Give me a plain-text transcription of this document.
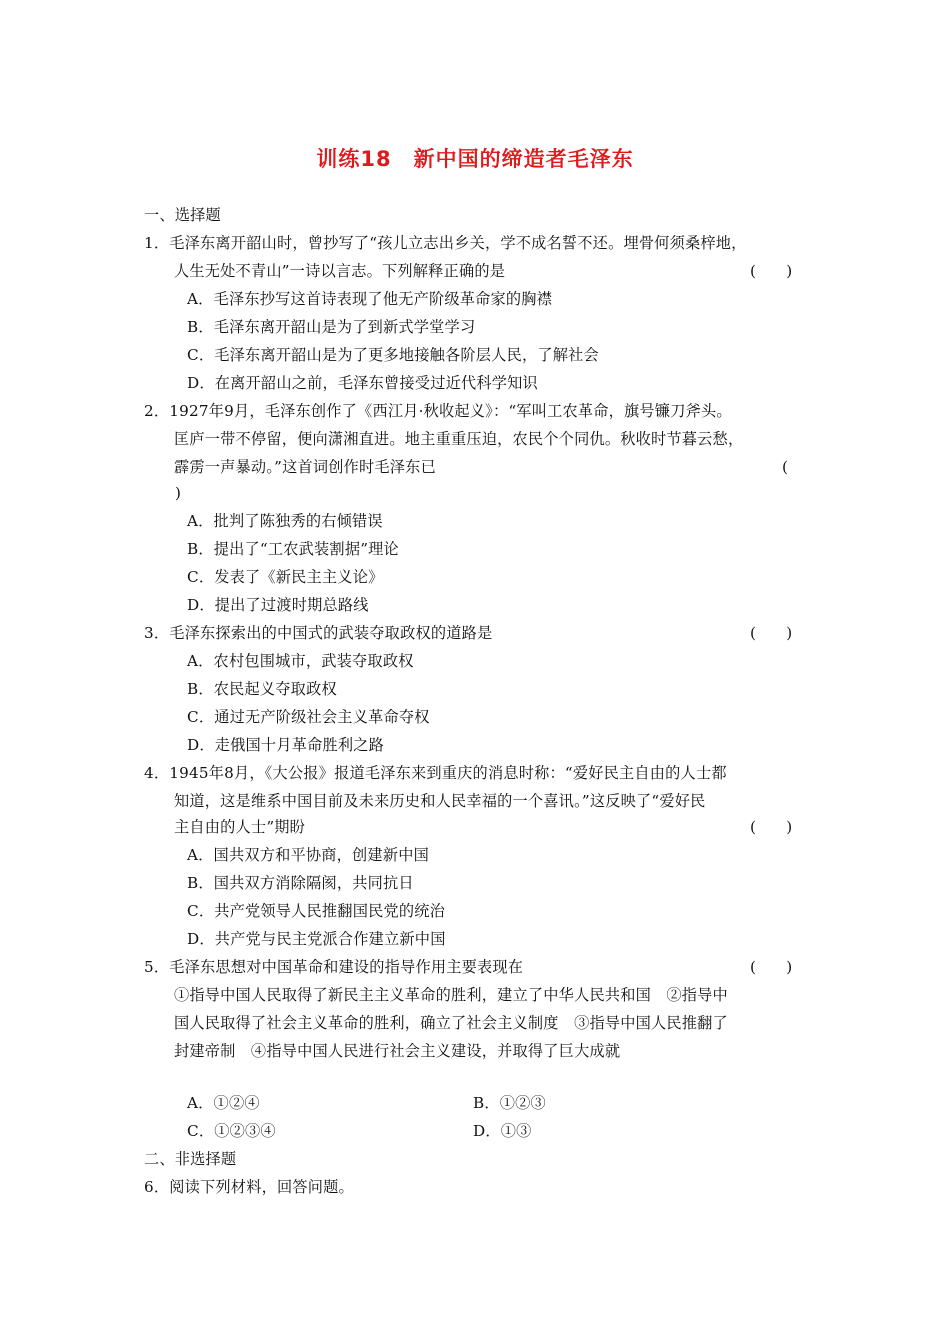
训练18　新中国的缔造者毛泽东
一、选择题
1．毛泽东离开韶山时，曾抄写了“孩儿立志出乡关，学不成名誓不还。埋骨何须桑梓地，
人生无处不青山”一诗以言志。下列解释正确的是	(　　)
A．毛泽东抄写这首诗表现了他无产阶级革命家的胸襟
B．毛泽东离开韶山是为了到新式学堂学习
C．毛泽东离开韶山是为了更多地接触各阶层人民，了解社会
D．在离开韶山之前，毛泽东曾接受过近代科学知识
2．1927年9月，毛泽东创作了《西江月·秋收起义》：“军叫工农革命，旗号镰刀斧头。
匡庐一带不停留，便向潇湘直进。地主重重压迫，农民个个同仇。秋收时节暮云愁，
霹雳一声暴动。”这首词创作时毛泽东已	(
)
A．批判了陈独秀的右倾错误
B．提出了“工农武装割据”理论
C．发表了《新民主主义论》
D．提出了过渡时期总路线
3．毛泽东探索出的中国式的武装夺取政权的道路是	(　　)
A．农村包围城市，武装夺取政权
B．农民起义夺取政权
C．通过无产阶级社会主义革命夺权
D．走俄国十月革命胜利之路
4．1945年8月，《大公报》报道毛泽东来到重庆的消息时称：“爱好民主自由的人士都
知道，这是维系中国目前及未来历史和人民幸福的一个喜讯。”这反映了“爱好民
主自由的人士”期盼	(　　)
A．国共双方和平协商，创建新中国
B．国共双方消除隔阂，共同抗日
C．共产党领导人民推翻国民党的统治
D．共产党与民主党派合作建立新中国
5．毛泽东思想对中国革命和建设的指导作用主要表现在	(　　)
①指导中国人民取得了新民主主义革命的胜利，建立了中华人民共和国　②指导中
国人民取得了社会主义革命的胜利，确立了社会主义制度　③指导中国人民推翻了
封建帝制　④指导中国人民进行社会主义建设，并取得了巨大成就
A．①②④	B．①②③
C．①②③④	D．①③
二、非选择题
6．阅读下列材料，回答问题。
